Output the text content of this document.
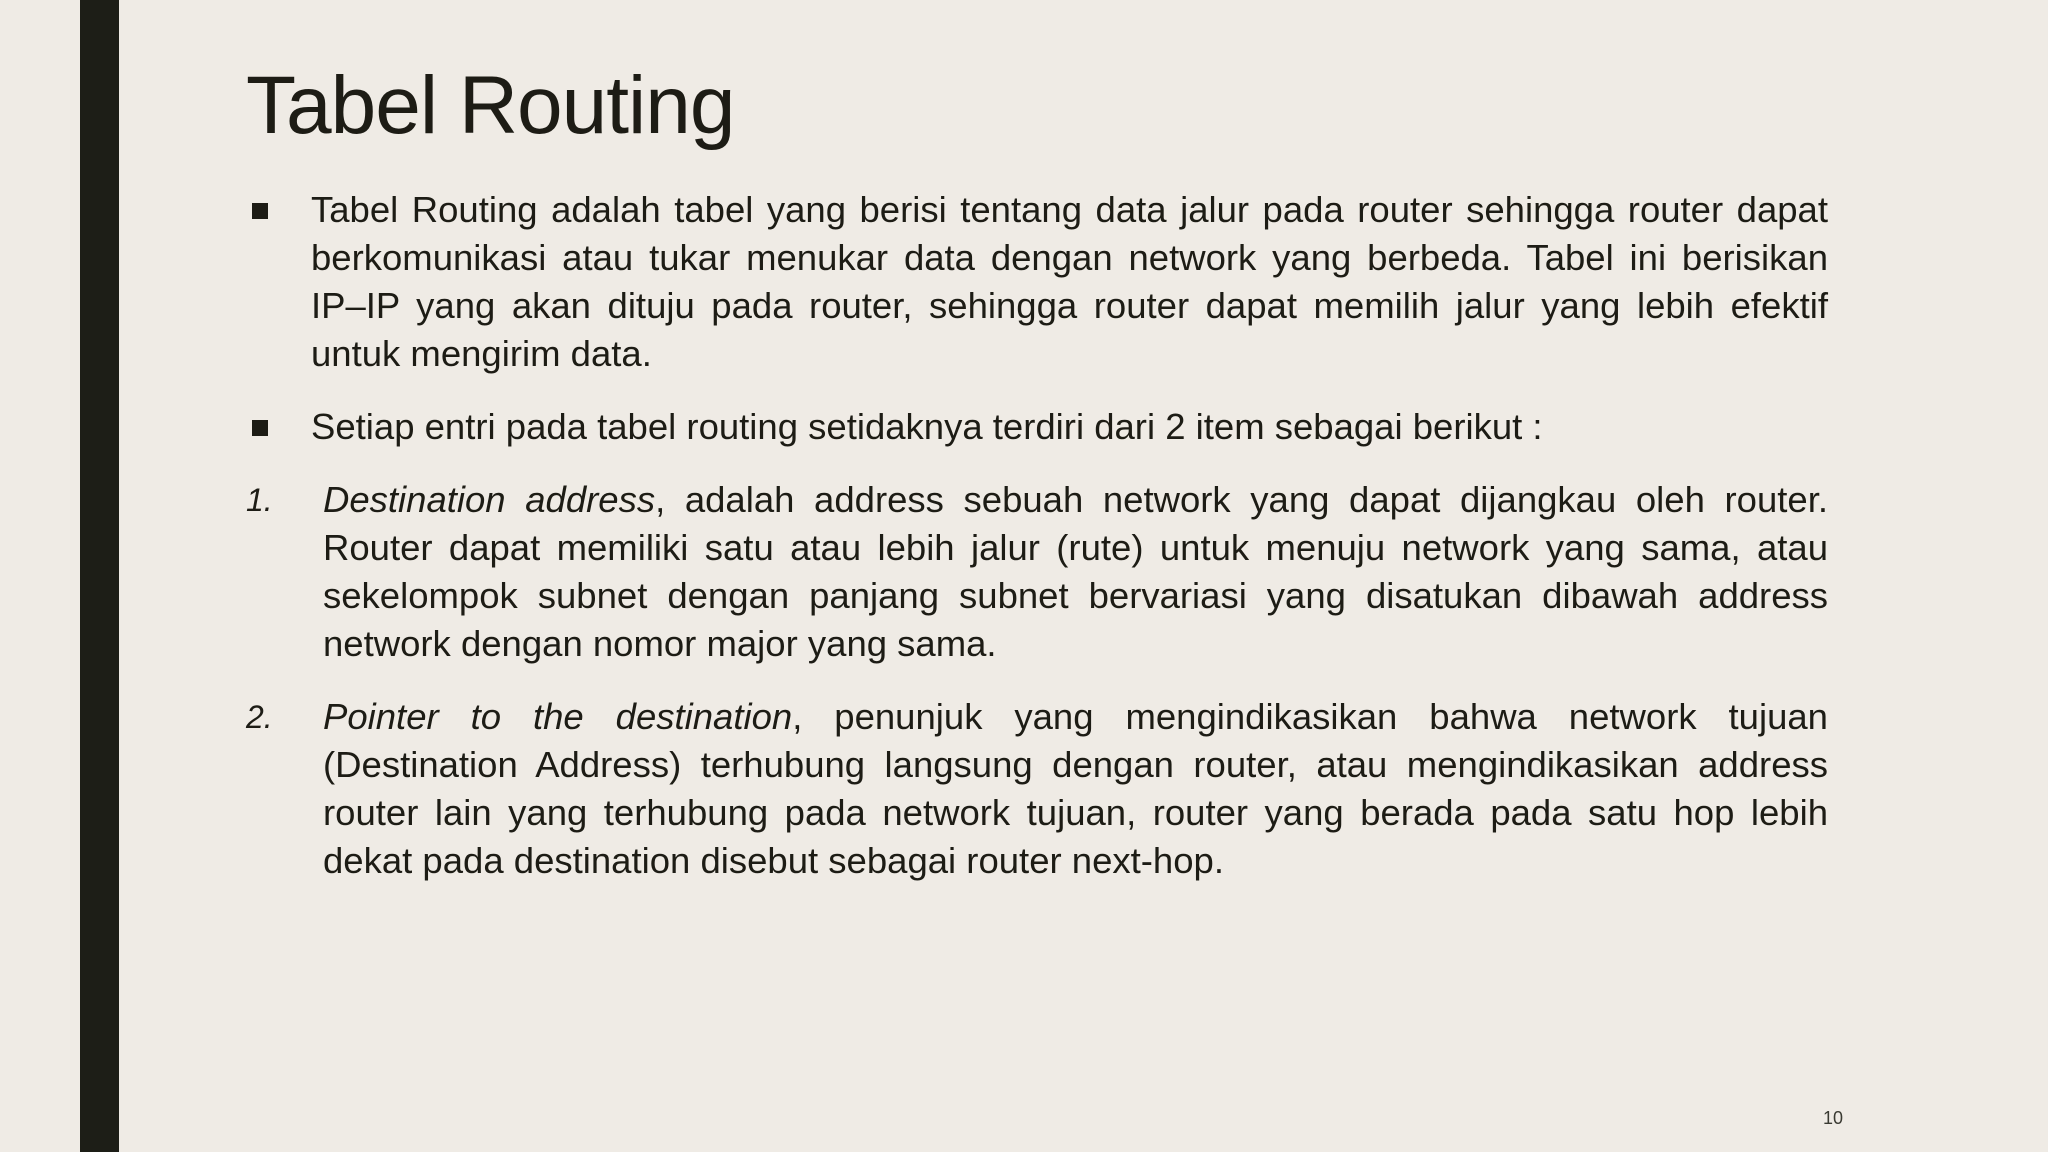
Tabel Routing
Tabel Routing adalah tabel yang berisi tentang data jalur pada router sehingga router dapat berkomunikasi atau tukar menukar data dengan network yang berbeda. Tabel ini berisikan IP–IP yang akan dituju pada router, sehingga router dapat memilih jalur yang lebih efektif untuk mengirim data.
Setiap entri pada tabel routing setidaknya terdiri dari 2 item sebagai berikut :
1. Destination address, adalah address sebuah network yang dapat dijangkau oleh router. Router dapat memiliki satu atau lebih jalur (rute) untuk menuju network yang sama, atau sekelompok subnet dengan panjang subnet bervariasi yang disatukan dibawah address network dengan nomor major yang sama.
2. Pointer to the destination, penunjuk yang mengindikasikan bahwa network tujuan (Destination Address) terhubung langsung dengan router, atau mengindikasikan address router lain yang terhubung pada network tujuan, router yang berada pada satu hop lebih dekat pada destination disebut sebagai router next-hop.
10
